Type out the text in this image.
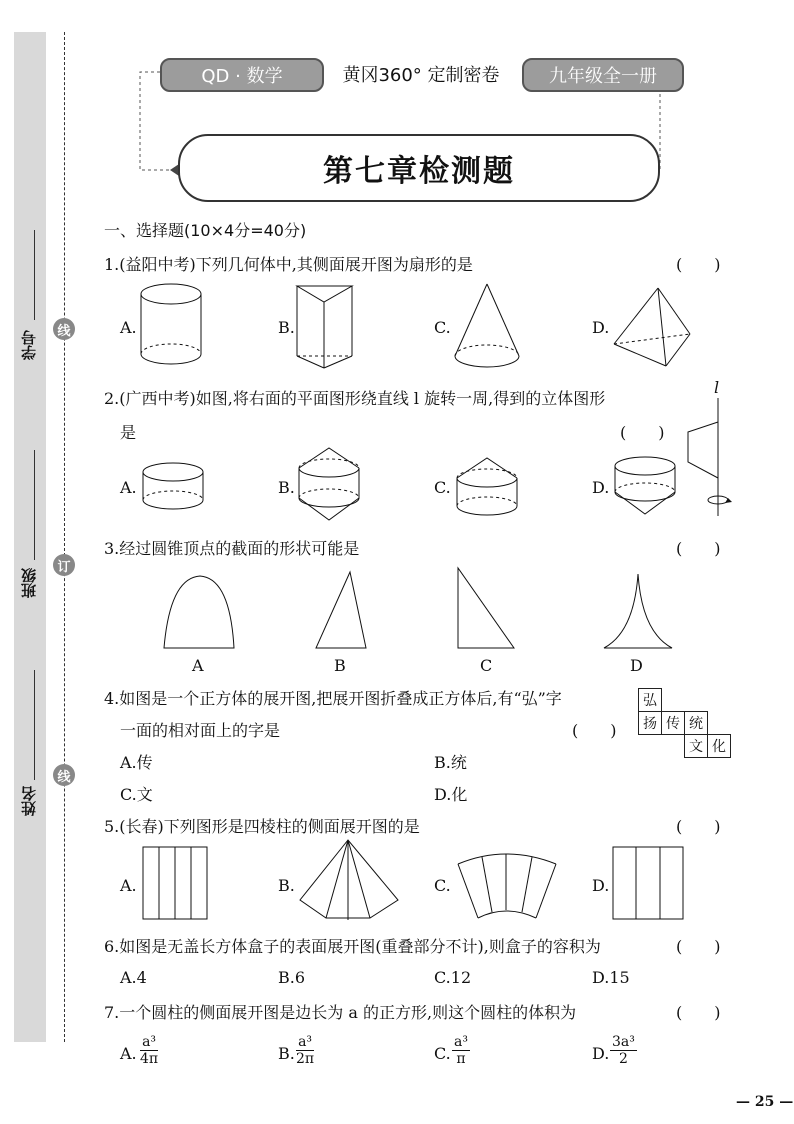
线
订
线
学号
班级
姓名
QD · 数学	黄冈360° 定制密卷	九年级全一册
第七章检测题
一、选择题(10×4分=40分)
1.(益阳中考)下列几何体中,其侧面展开图为扇形的是	(　　)
A.	B.	C.	D.
2.(广西中考)如图,将右面的平面图形绕直线 l 旋转一周,得到的立体图形
是	(　　)
A.	B.	C.	D.
l
3.经过圆锥顶点的截面的形状可能是	(　　)
A	B	C	D
4.如图是一个正方体的展开图,把展开图折叠成正方体后,有“弘”字
一面的相对面上的字是	(　　)
A.传	B.统
C.文	D.化
弘			
扬	传	统	
		文	化
5.(长春)下列图形是四棱柱的侧面展开图的是	(　　)
A.	B.	C.	D.
6.如图是无盖长方体盒子的表面展开图(重叠部分不计),则盒子的容积为	(　　)
A.4	B.6	C.12	D.15
7.一个圆柱的侧面展开图是边长为 a 的正方形,则这个圆柱的体积为	(　　)
A. $\frac{\text{a³}}{4\pi}$	B. $\frac{\text{a³}}{2\pi}$	C. $\frac{\text{a³}}{\pi}$	D. $\frac{\text{3a³}}{2}$
— 25 —
